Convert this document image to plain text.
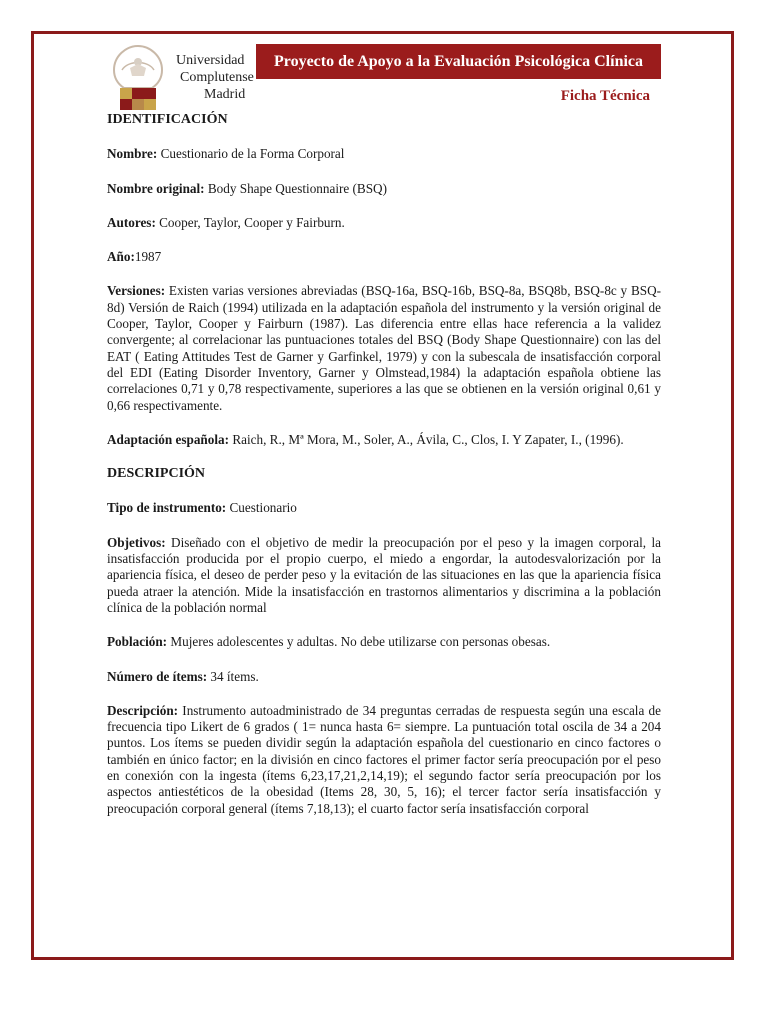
Universidad
Complutense
Madrid
Proyecto de Apoyo a la Evaluación Psicológica Clínica
Ficha Técnica
IDENTIFICACIÓN

Nombre: Cuestionario de la Forma Corporal

Nombre original: Body Shape Questionnaire (BSQ)

Autores: Cooper, Taylor, Cooper y Fairburn.

Año:1987

Versiones: Existen varias versiones abreviadas (BSQ-16a, BSQ-16b, BSQ-8a, BSQ8b, BSQ-8c y BSQ-8d) Versión de Raich (1994) utilizada en la adaptación española del instrumento y la versión original de Cooper, Taylor, Cooper y Fairburn (1987). Las diferencia entre ellas hace referencia a la validez convergente; al correlacionar las puntuaciones totales del BSQ (Body Shape Questionnaire) con las del EAT ( Eating Attitudes Test de Garner y Garfinkel, 1979) y con la subescala de insatisfacción corporal del EDI (Eating Disorder Inventory, Garner y Olmstead,1984) la adaptación española obtiene las correlaciones 0,71 y 0,78 respectivamente, superiores a las que se obtienen en la versión original 0,61 y 0,66 respectivamente.

Adaptación española: Raich, R., Mª Mora, M., Soler, A., Ávila, C., Clos, I. Y Zapater, I., (1996).

DESCRIPCIÓN

Tipo de instrumento: Cuestionario

Objetivos: Diseñado con el objetivo de medir la preocupación por el peso y la imagen corporal, la insatisfacción producida por el propio cuerpo, el miedo a engordar, la autodesvalorización por la apariencia física, el deseo de perder peso y la evitación de las situaciones en las que la apariencia física pueda atraer la atención. Mide la insatisfacción en trastornos alimentarios y discrimina a la población clínica de la población normal

Población: Mujeres adolescentes y adultas. No debe utilizarse con personas obesas.

Número de ítems: 34 ítems.

Descripción: Instrumento autoadministrado de 34 preguntas cerradas de respuesta según una escala de frecuencia tipo Likert de 6 grados ( 1= nunca hasta 6= siempre. La puntuación total oscila de 34 a 204 puntos. Los ítems se pueden dividir según la adaptación española del cuestionario en cinco factores o también en único factor; en la división en cinco factores el primer factor sería preocupación por el peso en conexión con la ingesta (ítems 6,23,17,21,2,14,19); el segundo factor sería preocupación por los aspectos antiestéticos de la obesidad (Items 28, 30, 5, 16); el tercer factor sería insatisfacción y preocupación corporal general (ítems 7,18,13); el cuarto factor sería insatisfacción corporal
